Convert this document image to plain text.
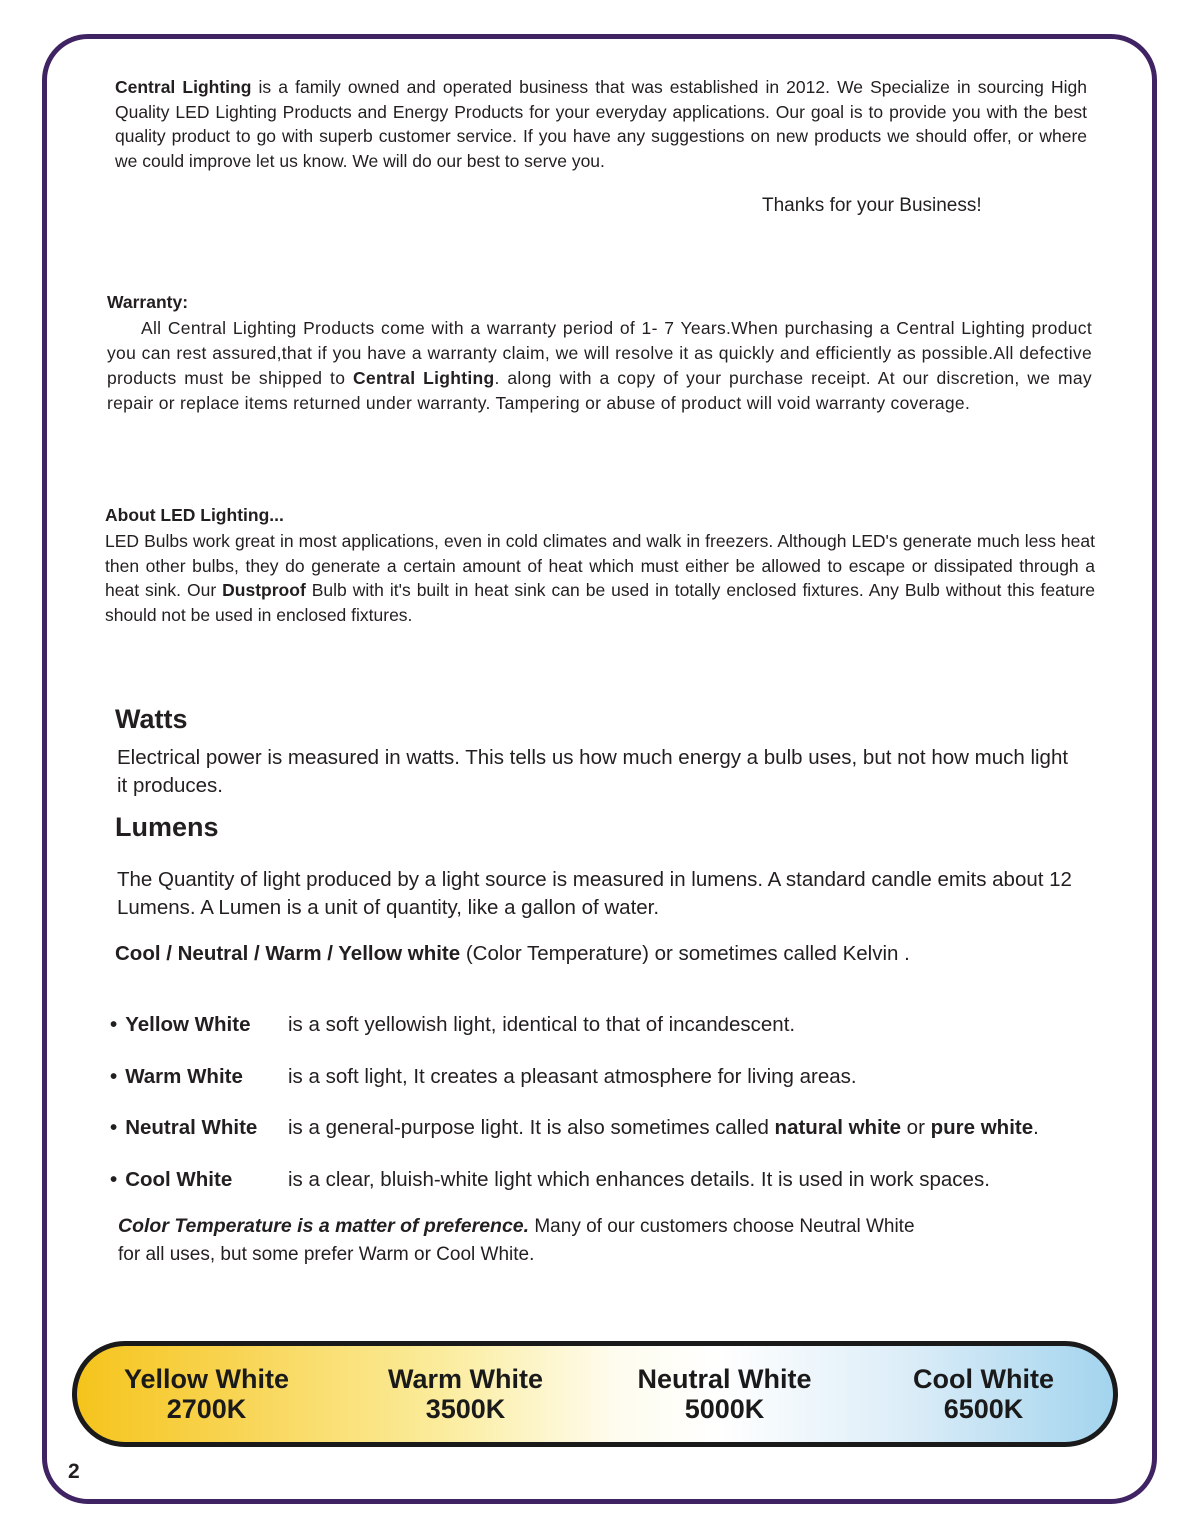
Central Lighting is a family owned and operated business that was established in 2012. We Specialize in sourcing High Quality LED Lighting Products and Energy Products for your everyday applications. Our goal is to provide you with the best quality product to go with superb customer service. If you have any suggestions on new products we should offer, or where we could improve let us know. We will do our best to serve you.

Thanks for your Business!

Warranty:

All Central Lighting Products come with a warranty period of 1- 7 Years.When purchasing a Central Lighting product you can rest assured,that if you have a warranty claim, we will resolve it as quickly and efficiently as possible.All defective products must be shipped to Central Lighting. along with a copy of your purchase receipt. At our discretion, we may repair or replace items returned under warranty. Tampering or abuse of product will void warranty coverage.

About LED Lighting...

LED Bulbs work great in most applications, even in cold climates and walk in freezers. Although LED's generate much less heat then other bulbs, they do generate a certain amount of heat which must either be allowed to escape or dissipated through a heat sink. Our Dustproof Bulb with it's built in heat sink can be used in totally enclosed fixtures. Any Bulb without this feature should not be used in enclosed fixtures.

Watts

Electrical power is measured in watts. This tells us how much energy a bulb uses, but not how much light it produces.

Lumens

The Quantity of light produced by a light source is measured in lumens. A standard candle emits about 12 Lumens. A Lumen is a unit of quantity, like a gallon of water.

Cool / Neutral / Warm / Yellow white (Color Temperature) or sometimes called Kelvin .

• Yellow White	is a soft yellowish light, identical to that of incandescent.
• Warm White	is a soft light, It creates a pleasant atmosphere for living areas.
• Neutral White	is a general-purpose light. It is also sometimes called natural white or pure white.
• Cool White	is a clear, bluish-white light which enhances details. It is used in work spaces.

Color Temperature is a matter of preference. Many of our customers choose Neutral White for all uses, but some prefer Warm or Cool White.

Yellow White
2700K
Warm White
3500K
Neutral White
5000K
Cool White
6500K
2
